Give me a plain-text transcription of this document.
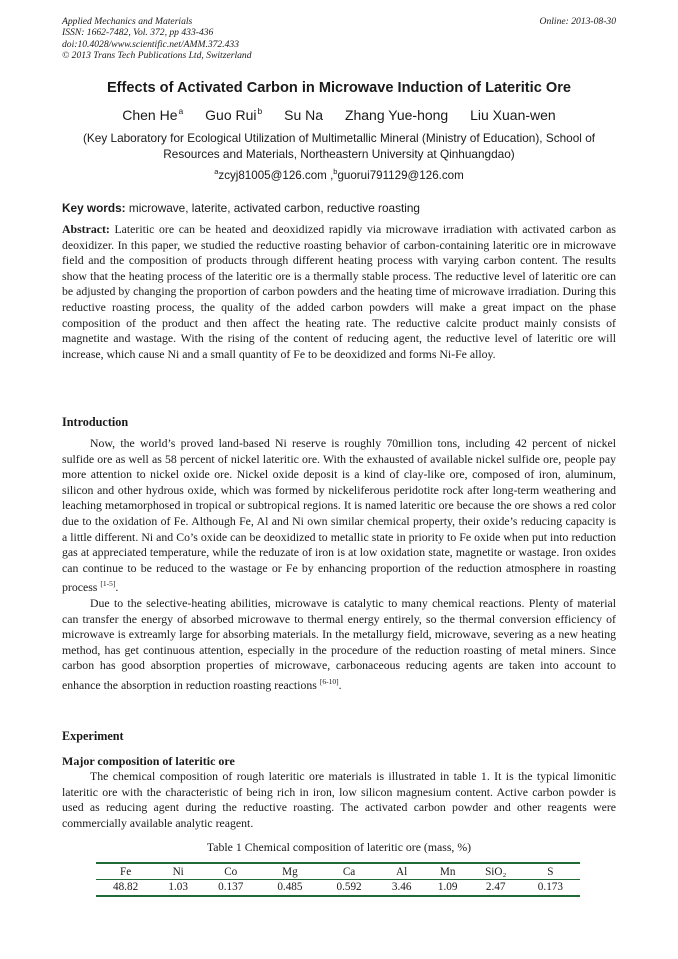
Applied Mechanics and Materials
ISSN: 1662-7482, Vol. 372, pp 433-436
doi:10.4028/www.scientific.net/AMM.372.433
© 2013 Trans Tech Publications Ltd, Switzerland
Online: 2013-08-30
Effects of Activated Carbon in Microwave Induction of Lateritic Ore
Chen He$^a$ Guo Rui$^b$ Su Na Zhang Yue-hong Liu Xuan-wen
(Key Laboratory for Ecological Utilization of Multimetallic Mineral (Ministry of Education), School of Resources and Materials, Northeastern University at Qinhuangdao)
$^a$zcyj81005@126.com ,$^b$guorui791129@126.com
Key words: microwave, laterite, activated carbon, reductive roasting

Abstract: Lateritic ore can be heated and deoxidized rapidly via microwave irradiation with activated carbon as deoxidizer. In this paper, we studied the reductive roasting behavior of carbon-containing lateritic ore in microwave field and the composition of products through different heating process with varying carbon content. The results show that the heating process of the lateritic ore is a thermally stable process. The reductive level of lateritic ore can be adjusted by changing the proportion of carbon powders and the heating time of microwave irradiation. During this reductive roasting process, the quality of the added carbon powders will make a great impact on the phase composition of the product and then affect the heating rate. The reductive calcite product mainly consists of magnetite and wastage. With the rising of the content of reducing agent, the reductive level of lateritic ore will increase, which cause Ni and a small quantity of Fe to be deoxidized and forms Ni-Fe alloy.

Introduction

Now, the world’s proved land-based Ni reserve is roughly 70million tons, including 42 percent of nickel sulfide ore as well as 58 percent of nickel lateritic ore. With the exhausted of available nickel sulfide ore, people pay more attention to nickel oxide ore. Nickel oxide deposit is a kind of clay-like ore, composed of iron, aluminum, silicon and other hydrous oxide, which was formed by nickeliferous peridotite rock after long-term weathering and leaching metamorphosed in tropical or subtropical regions. It is named lateritic ore because the ore shows a red color due to the oxidation of Fe. Although Fe, Al and Ni own similar chemical property, their oxide’s reducing capacity is a little different. Ni and Co’s oxide can be deoxidized to metallic state in priority to Fe oxide when put into reduction gas at appreciated temperature, while the reduzate of iron is at low oxidation state, magnetite or wastage. Iron oxides can continue to be reduced to the wastage or Fe by enhancing proportion of the reduction atmosphere in roasting process [1-5].

Due to the selective-heating abilities, microwave is catalytic to many chemical reactions. Plenty of material can transfer the energy of absorbed microwave to thermal energy entirely, so the thermal conversion efficiency of microwave is extreamly large for absorbing materials. In the metallurgy field, microwave, severing as a new heating method, has get continuous attention, especially in the procedure of the reduction roasting of metal miners. Since carbon has good absorption properties of microwave, carbonaceous reducing agents are taken into account to enhance the absorption in reduction roasting reactions [6-10].

Experiment
Major composition of lateritic ore

The chemical composition of rough lateritic ore materials is illustrated in table 1. It is the typical limonitic lateritic ore with the characteristic of being rich in iron, low silicon magnesium content. Active carbon powder is used as reducing agent during the reductive roasting. The activated carbon powder and other reagents were commercially available analytic reagent.

Table 1 Chemical composition of lateritic ore (mass, %)
Fe	Ni	Co	Mg	Ca	Al	Mn	SiO₂	S
48.82	1.03	0.137	0.485	0.592	3.46	1.09	2.47	0.173
